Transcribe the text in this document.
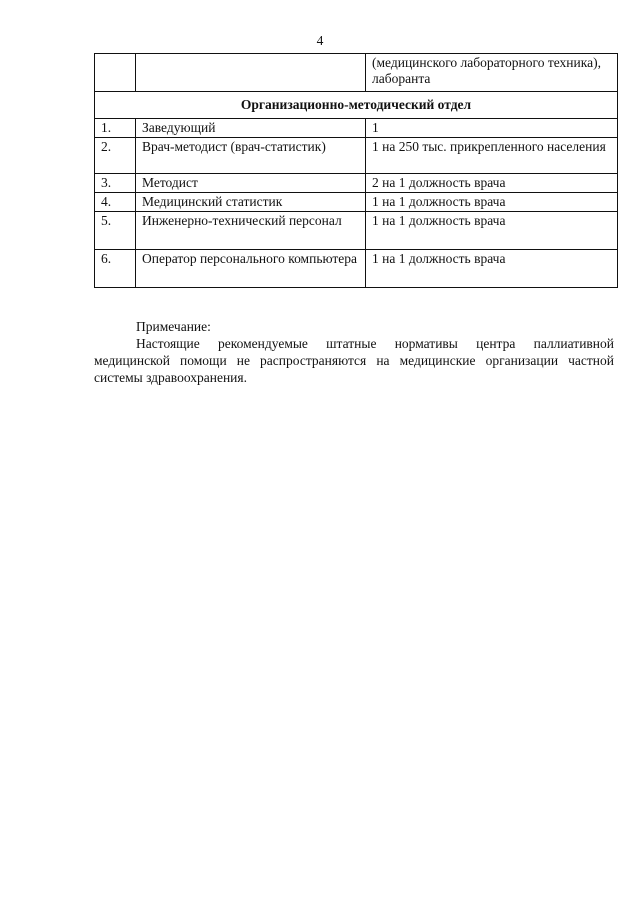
4
		(медицинского лабораторного техника), лаборанта
Организационно-методический отдел		
1.	Заведующий	1
2.	Врач-методист (врач-статистик)	1 на 250 тыс. прикрепленного населения
3.	Методист	2 на 1 должность врача
4.	Медицинский статистик	1 на 1 должность врача
5.	Инженерно-технический персонал	1 на 1 должность врача
6.	Оператор персонального компьютера	1 на 1 должность врача
Примечание:
Настоящие рекомендуемые штатные нормативы центра паллиативной медицинской помощи не распространяются на медицинские организации частной системы здравоохранения.
